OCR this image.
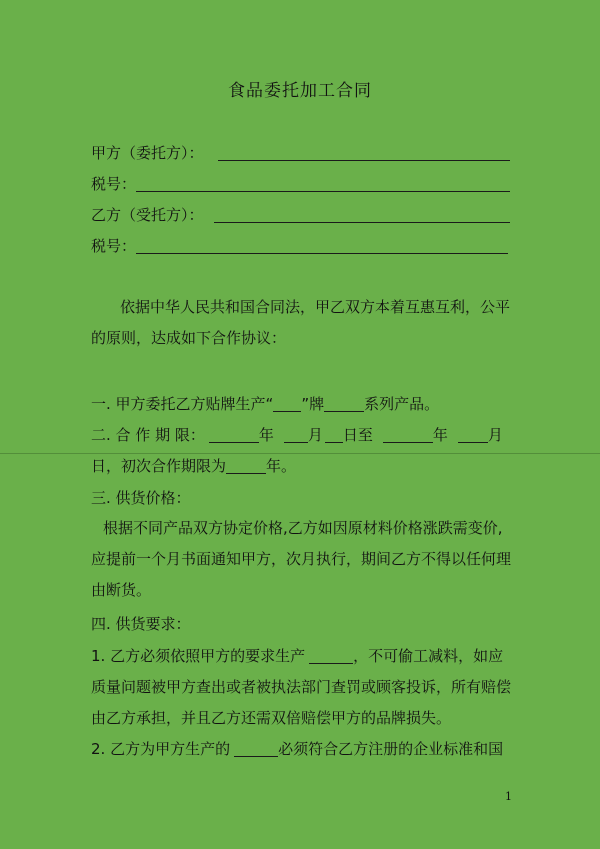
食品委托加工合同
甲方（委托方）：
税号：
乙方（受托方）：
税号：
依据中华人民共和国合同法，甲乙双方本着互惠互利，公平
的原则，达成如下合作协议：
一. 甲方委托乙方贴牌生产“ ”牌	系列产品。
二. 合 作 期 限：	年 月 日至	年	月
日，初次合作期限为	年。
三. 供货价格：
根据不同产品双方协定价格,乙方如因原材料价格涨跌需变价,
应提前一个月书面通知甲方，次月执行，期间乙方不得以任何理
由断货。
四. 供货要求：
1. 乙方必须依照甲方的要求生产	，不可偷工减料，如应
质量问题被甲方查出或者被执法部门查罚或顾客投诉，所有赔偿
由乙方承担，并且乙方还需双倍赔偿甲方的品牌损失。
2. 乙方为甲方生产的	必须符合乙方注册的企业标准和国
1
